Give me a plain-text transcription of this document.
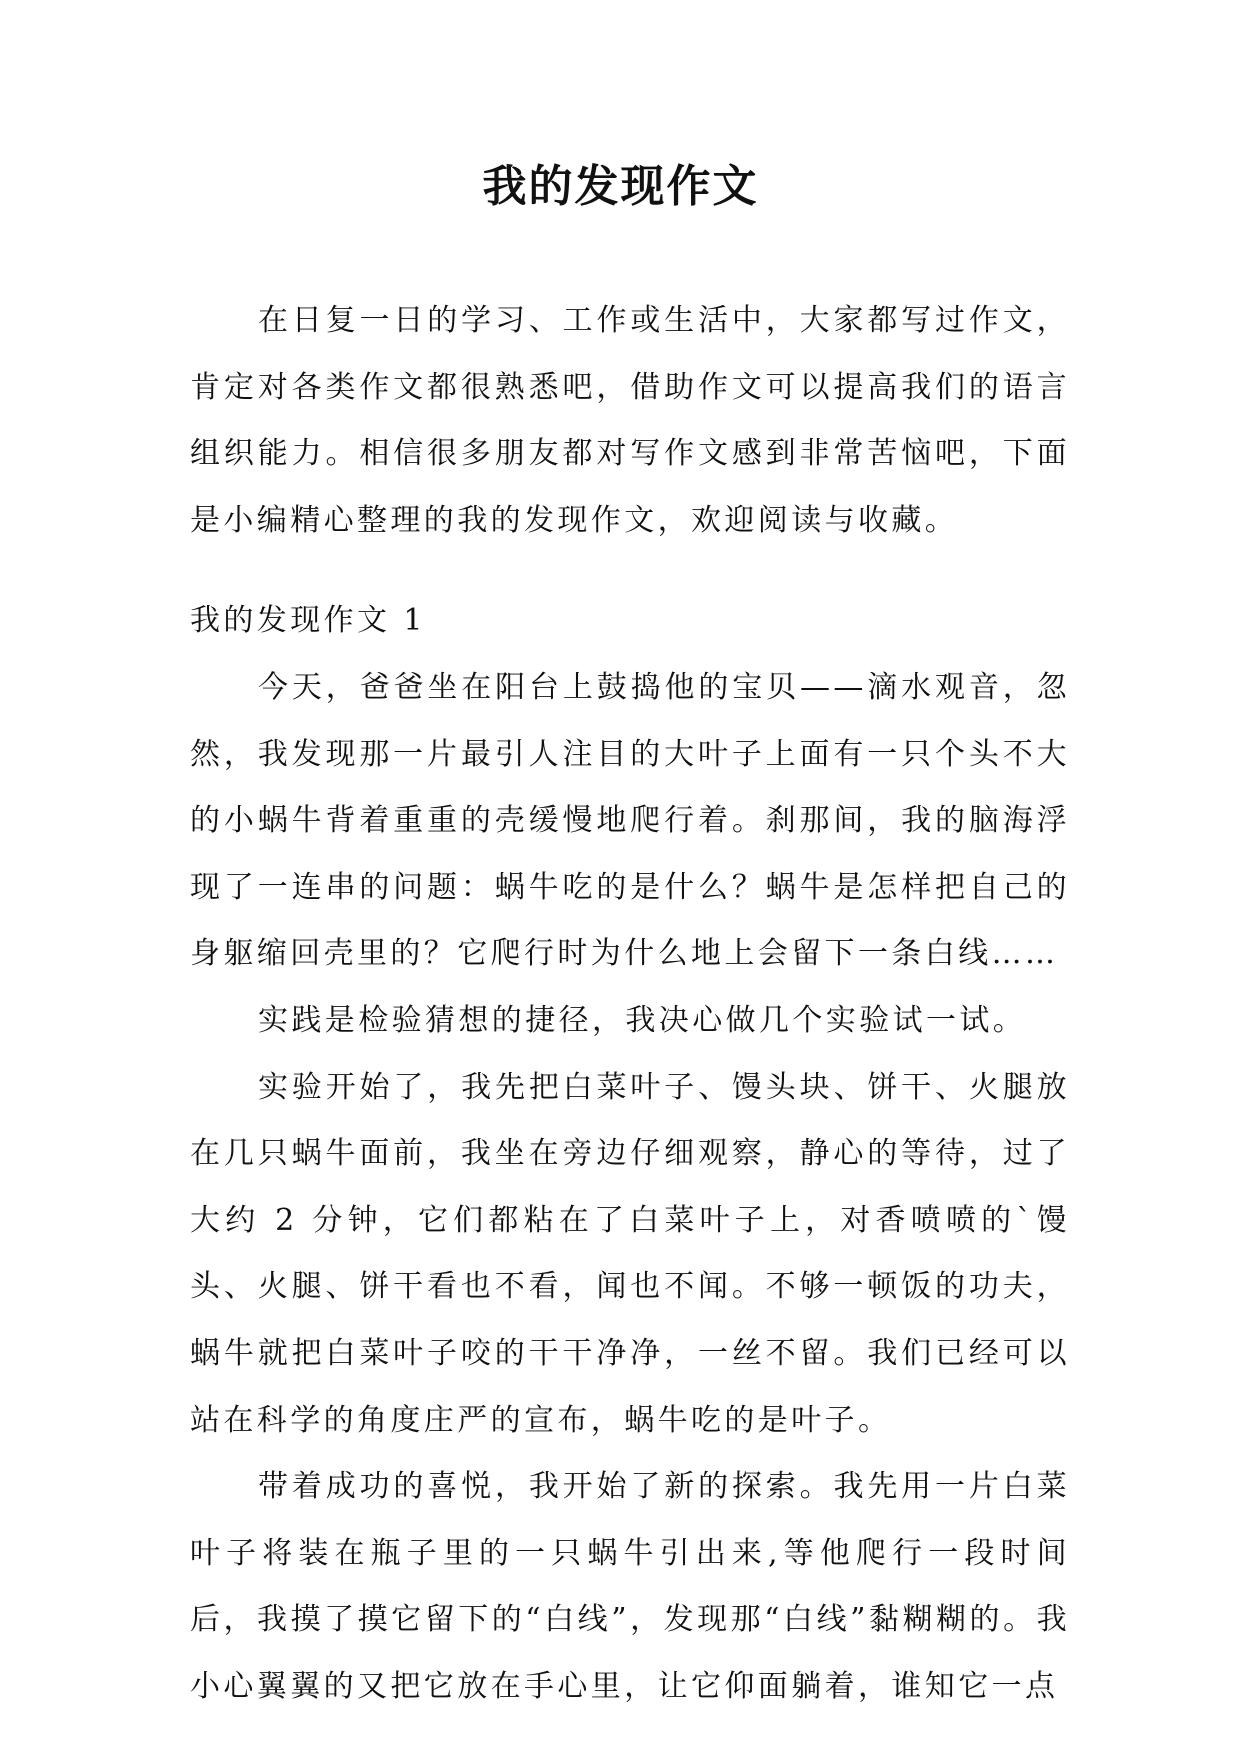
我的发现作文

在日复一日的学习、工作或生活中，大家都写过作文，肯定对各类作文都很熟悉吧，借助作文可以提高我们的语言组织能力。相信很多朋友都对写作文感到非常苦恼吧，下面是小编精心整理的我的发现作文，欢迎阅读与收藏。

我的发现作文 1

今天，爸爸坐在阳台上鼓捣他的宝贝——滴水观音，忽然，我发现那一片最引人注目的大叶子上面有一只个头不大的小蜗牛背着重重的壳缓慢地爬行着。刹那间，我的脑海浮现了一连串的问题：蜗牛吃的是什么？蜗牛是怎样把自己的身躯缩回壳里的？它爬行时为什么地上会留下一条白线……

实践是检验猜想的捷径，我决心做几个实验试一试。

实验开始了，我先把白菜叶子、馒头块、饼干、火腿放在几只蜗牛面前，我坐在旁边仔细观察，静心的等待，过了大约 2 分钟，它们都粘在了白菜叶子上，对香喷喷的`馒头、火腿、饼干看也不看，闻也不闻。不够一顿饭的功夫，蜗牛就把白菜叶子咬的干干净净，一丝不留。我们已经可以站在科学的角度庄严的宣布，蜗牛吃的是叶子。

带着成功的喜悦，我开始了新的探索。我先用一片白菜叶子将装在瓶子里的一只蜗牛引出来,等他爬行一段时间后，我摸了摸它留下的“白线”，发现那“白线”黏糊糊的。我小心翼翼的又把它放在手心里，让它仰面躺着，谁知它一点
